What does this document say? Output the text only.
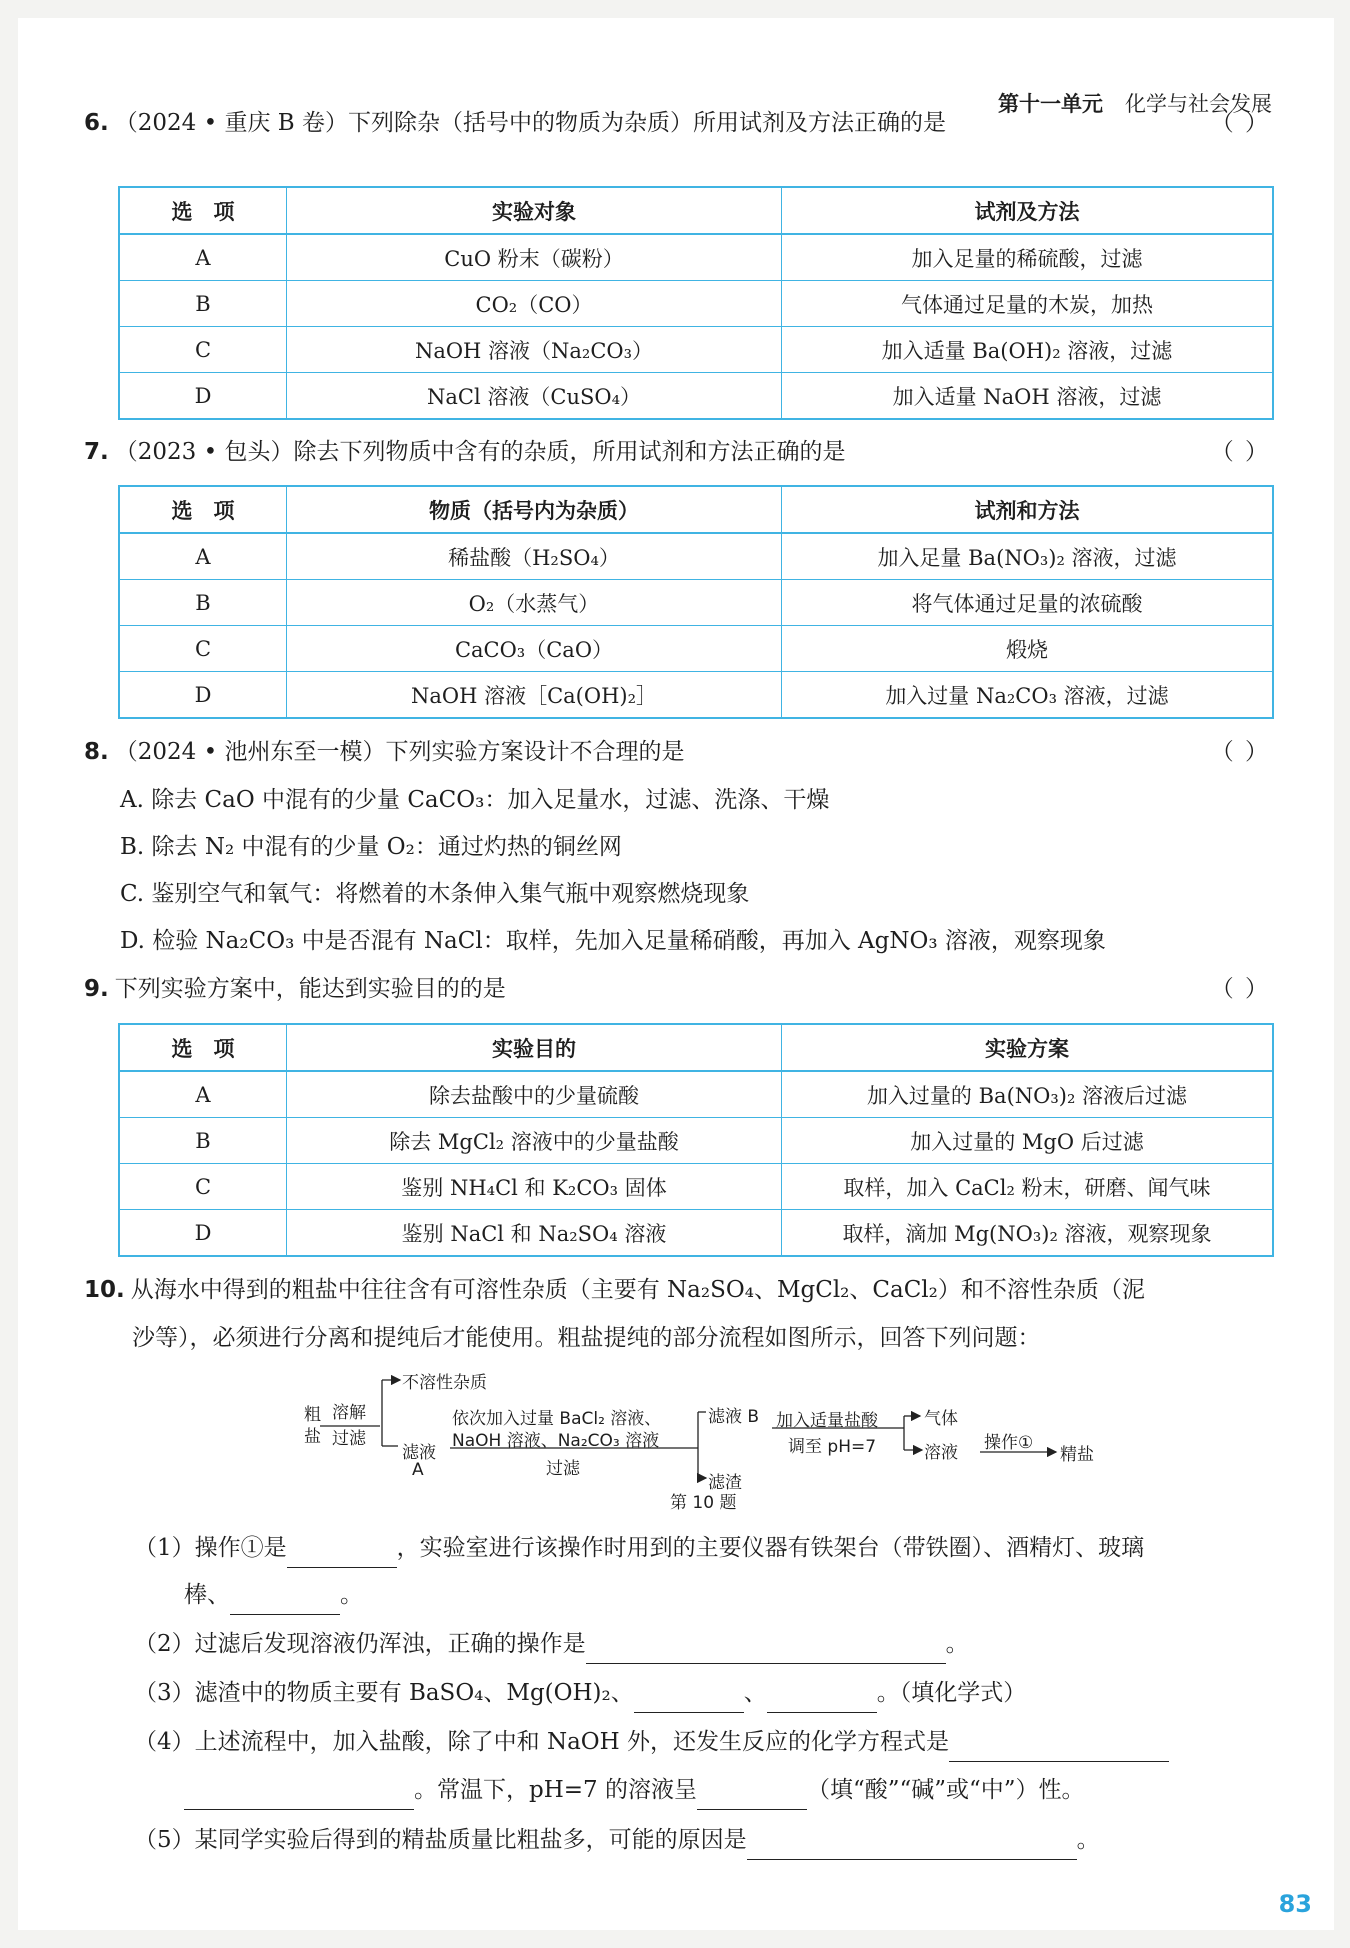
第十一单元 化学与社会发展
6. （2024 • 重庆 B 卷）下列除杂（括号中的物质为杂质）所用试剂及方法正确的是	（ ）
选　项	实验对象	试剂及方法
A	CuO 粉末（碳粉）	加入足量的稀硫酸，过滤
B	CO₂（CO）	气体通过足量的木炭，加热
C	NaOH 溶液（Na₂CO₃）	加入适量 Ba(OH)₂ 溶液，过滤
D	NaCl 溶液（CuSO₄）	加入适量 NaOH 溶液，过滤
7. （2023 • 包头）除去下列物质中含有的杂质，所用试剂和方法正确的是	（ ）
选　项	物质（括号内为杂质）	试剂和方法
A	稀盐酸（H₂SO₄）	加入足量 Ba(NO₃)₂ 溶液，过滤
B	O₂（水蒸气）	将气体通过足量的浓硫酸
C	CaCO₃（CaO）	煅烧
D	NaOH 溶液［Ca(OH)₂］	加入过量 Na₂CO₃ 溶液，过滤
8. （2024 • 池州东至一模）下列实验方案设计不合理的是	（ ）
A. 除去 CaO 中混有的少量 CaCO₃：加入足量水，过滤、洗涤、干燥
B. 除去 N₂ 中混有的少量 O₂：通过灼热的铜丝网
C. 鉴别空气和氧气：将燃着的木条伸入集气瓶中观察燃烧现象
D. 检验 Na₂CO₃ 中是否混有 NaCl：取样，先加入足量稀硝酸，再加入 AgNO₃ 溶液，观察现象
9. 下列实验方案中，能达到实验目的的是	（ ）
选　项	实验目的	实验方案
A	除去盐酸中的少量硫酸	加入过量的 Ba(NO₃)₂ 溶液后过滤
B	除去 MgCl₂ 溶液中的少量盐酸	加入过量的 MgO 后过滤
C	鉴别 NH₄Cl 和 K₂CO₃ 固体	取样，加入 CaCl₂ 粉末，研磨、闻气味
D	鉴别 NaCl 和 Na₂SO₄ 溶液	取样，滴加 Mg(NO₃)₂ 溶液，观察现象
10. 从海水中得到的粗盐中往往含有可溶性杂质（主要有 Na₂SO₄、MgCl₂、CaCl₂）和不溶性杂质（泥
沙等），必须进行分离和提纯后才能使用。粗盐提纯的部分流程如图所示，回答下列问题：
粗
盐
溶解
过滤
不溶性杂质
滤液
A
依次加入过量 BaCl₂ 溶液、
NaOH 溶液、Na₂CO₃ 溶液
过滤
滤液 B
滤渣
加入适量盐酸
调至 pH=7
气体
溶液 操作①
精盐
第 10 题
（1）操作①是	，实验室进行该操作时用到的主要仪器有铁架台（带铁圈）、酒精灯、玻璃
棒、	。
（2）过滤后发现溶液仍浑浊，正确的操作是	。
（3）滤渣中的物质主要有 BaSO₄、Mg(OH)₂、	、	。（填化学式）
（4）上述流程中，加入盐酸，除了中和 NaOH 外，还发生反应的化学方程式是
。常温下，pH=7 的溶液呈	（填“酸”“碱”或“中”）性。
（5）某同学实验后得到的精盐质量比粗盐多，可能的原因是	。
83
